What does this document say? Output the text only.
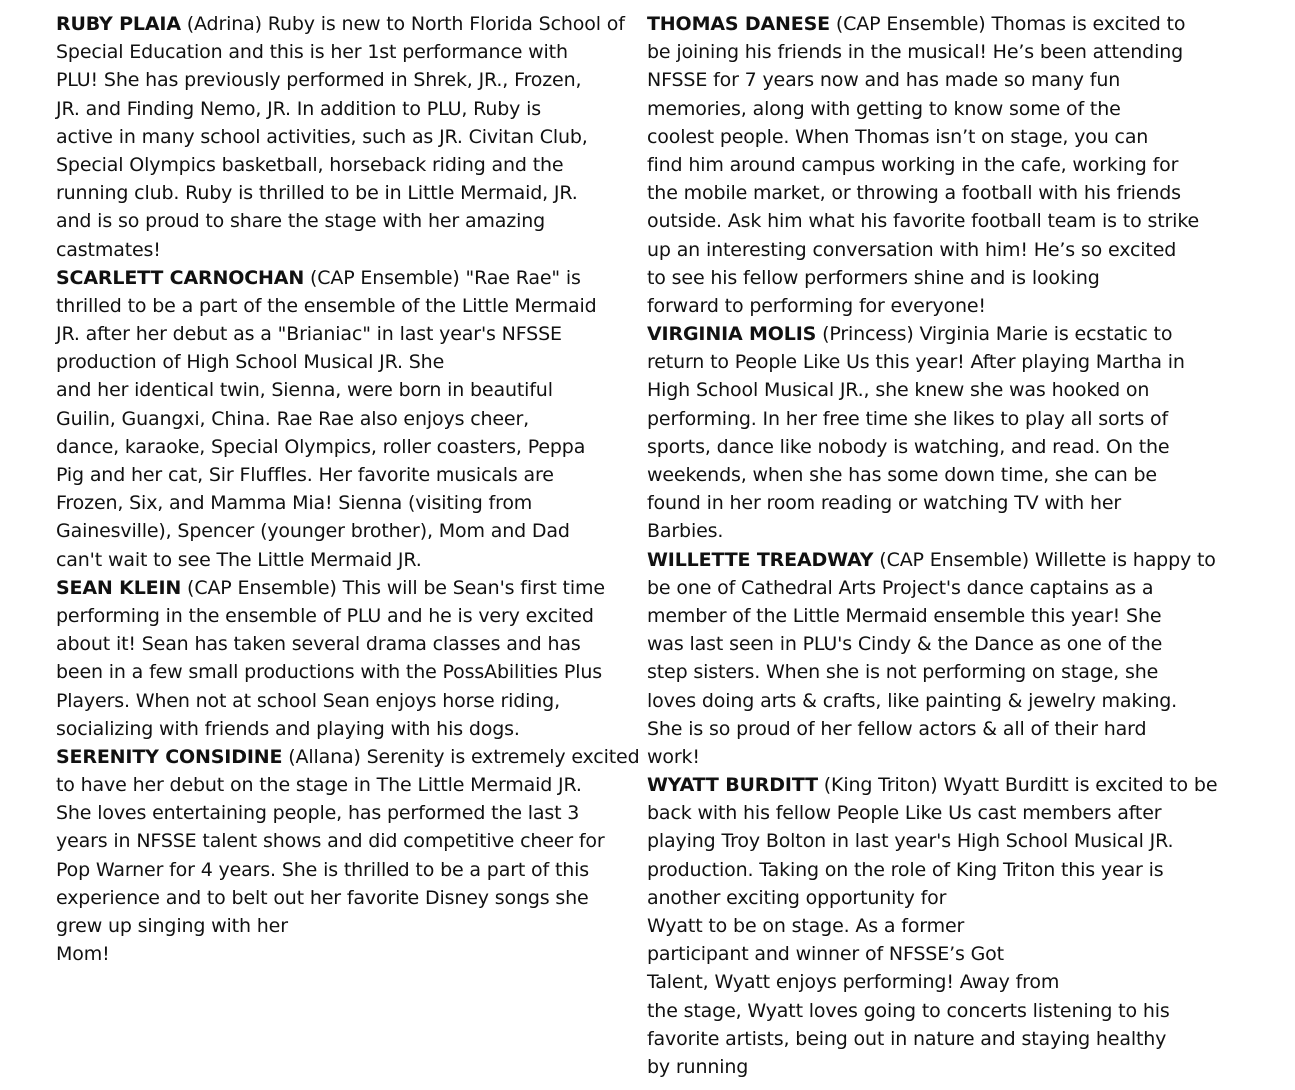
RUBY PLAIA (Adrina) Ruby is new to North Florida School of
Special Education and this is her 1st performance with
PLU! She has previously performed in Shrek, JR., Frozen,
JR. and Finding Nemo, JR. In addition to PLU, Ruby is
active in many school activities, such as JR. Civitan Club,
Special Olympics basketball, horseback riding and the
running club. Ruby is thrilled to be in Little Mermaid, JR.
and is so proud to share the stage with her amazing
castmates!
SCARLETT CARNOCHAN (CAP Ensemble) "Rae Rae" is
thrilled to be a part of the ensemble of the Little Mermaid
JR. after her debut as a "Brianiac" in last year's NFSSE
production of High School Musical JR. She
and her identical twin, Sienna, were born in beautiful
Guilin, Guangxi, China. Rae Rae also enjoys cheer,
dance, karaoke, Special Olympics, roller coasters, Peppa
Pig and her cat, Sir Fluffles. Her favorite musicals are
Frozen, Six, and Mamma Mia! Sienna (visiting from
Gainesville), Spencer (younger brother), Mom and Dad
can't wait to see The Little Mermaid JR.
SEAN KLEIN (CAP Ensemble) This will be Sean's first time
performing in the ensemble of PLU and he is very excited
about it! Sean has taken several drama classes and has
been in a few small productions with the PossAbilities Plus
Players. When not at school Sean enjoys horse riding,
socializing with friends and playing with his dogs.
SERENITY CONSIDINE (Allana) Serenity is extremely excited
to have her debut on the stage in The Little Mermaid JR.
She loves entertaining people, has performed the last 3
years in NFSSE talent shows and did competitive cheer for
Pop Warner for 4 years. She is thrilled to be a part of this
experience and to belt out her favorite Disney songs she
grew up singing with her
Mom!
THOMAS DANESE (CAP Ensemble) Thomas is excited to
be joining his friends in the musical! He’s been attending
NFSSE for 7 years now and has made so many fun
memories, along with getting to know some of the
coolest people. When Thomas isn’t on stage, you can
find him around campus working in the cafe, working for
the mobile market, or throwing a football with his friends
outside. Ask him what his favorite football team is to strike
up an interesting conversation with him! He’s so excited
to see his fellow performers shine and is looking
forward to performing for everyone!
VIRGINIA MOLIS (Princess) Virginia Marie is ecstatic to
return to People Like Us this year! After playing Martha in
High School Musical JR., she knew she was hooked on
performing. In her free time she likes to play all sorts of
sports, dance like nobody is watching, and read. On the
weekends, when she has some down time, she can be
found in her room reading or watching TV with her
Barbies.
WILLETTE TREADWAY (CAP Ensemble) Willette is happy to
be one of Cathedral Arts Project's dance captains as a
member of the Little Mermaid ensemble this year! She
was last seen in PLU's Cindy & the Dance as one of the
step sisters. When she is not performing on stage, she
loves doing arts & crafts, like painting & jewelry making.
She is so proud of her fellow actors & all of their hard
work!
WYATT BURDITT (King Triton) Wyatt Burditt is excited to be
back with his fellow People Like Us cast members after
playing Troy Bolton in last year's High School Musical JR.
production. Taking on the role of King Triton this year is
another exciting opportunity for
Wyatt to be on stage. As a former
participant and winner of NFSSE’s Got
Talent, Wyatt enjoys performing! Away from
the stage, Wyatt loves going to concerts listening to his
favorite artists, being out in nature and staying healthy
by running
